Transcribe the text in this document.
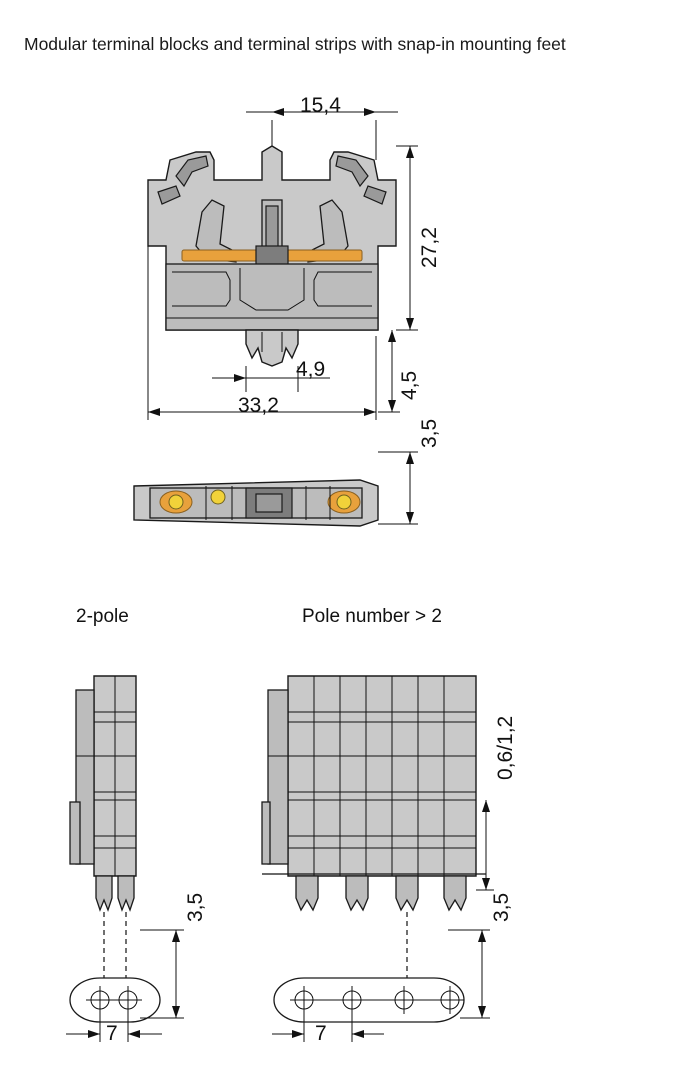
Modular terminal blocks and terminal strips with snap-in mounting feet
15,4
27,2
4,9
4,5
33,2
3,5
2-pole	Pole number > 2
0,6/1,2
3,5	3,5
7	7
